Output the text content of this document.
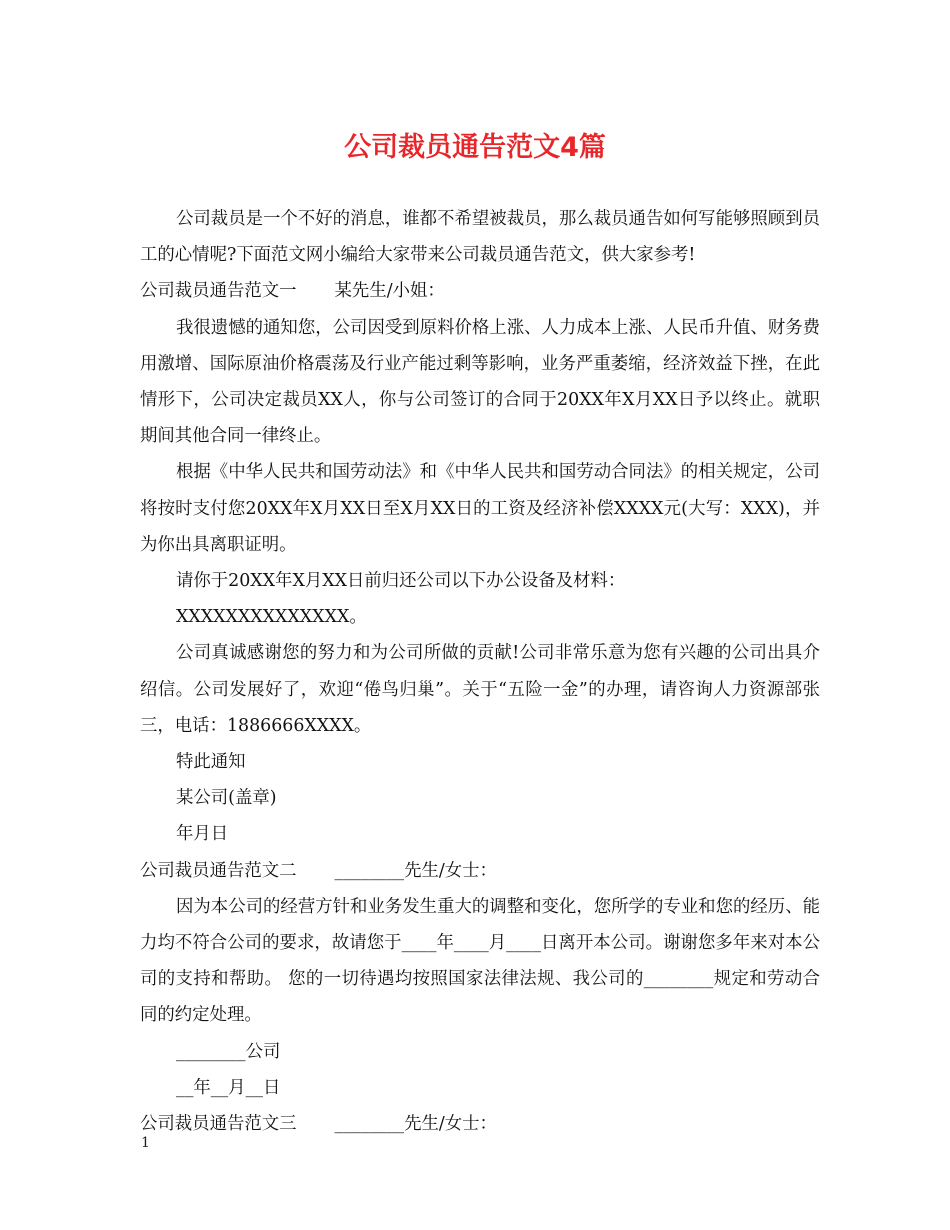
公司裁员通告范文4篇

公司裁员是一个不好的消息，谁都不希望被裁员，那么裁员通告如何写能够照顾到员工的心情呢?下面范文网小编给大家带来公司裁员通告范文，供大家参考!

公司裁员通告范文一 某先生/小姐：

我很遗憾的通知您，公司因受到原料价格上涨、人力成本上涨、人民币升值、财务费用激增、国际原油价格震荡及行业产能过剩等影响，业务严重萎缩，经济效益下挫，在此情形下，公司决定裁员XX人，你与公司签订的合同于20XX年X月XX日予以终止。就职期间其他合同一律终止。

根据《中华人民共和国劳动法》和《中华人民共和国劳动合同法》的相关规定，公司将按时支付您20XX年X月XX日至X月XX日的工资及经济补偿XXXX元(大写：XXX)，并为你出具离职证明。

请你于20XX年X月XX日前归还公司以下办公设备及材料：

XXXXXXXXXXXXXX。

公司真诚感谢您的努力和为公司所做的贡献!公司非常乐意为您有兴趣的公司出具介绍信。公司发展好了，欢迎“倦鸟归巢”。关于“五险一金”的办理，请咨询人力资源部张三，电话：1886666XXXX。

特此通知

某公司(盖章)

年月日

公司裁员通告范文二 ________先生/女士：

因为本公司的经营方针和业务发生重大的调整和变化，您所学的专业和您的经历、能力均不符合公司的要求，故请您于____年____月____日离开本公司。谢谢您多年来对本公司的支持和帮助。 您的一切待遇均按照国家法律法规、我公司的________规定和劳动合同的约定处理。

________公司

__年__月__日

公司裁员通告范文三 ________先生/女士：

1
